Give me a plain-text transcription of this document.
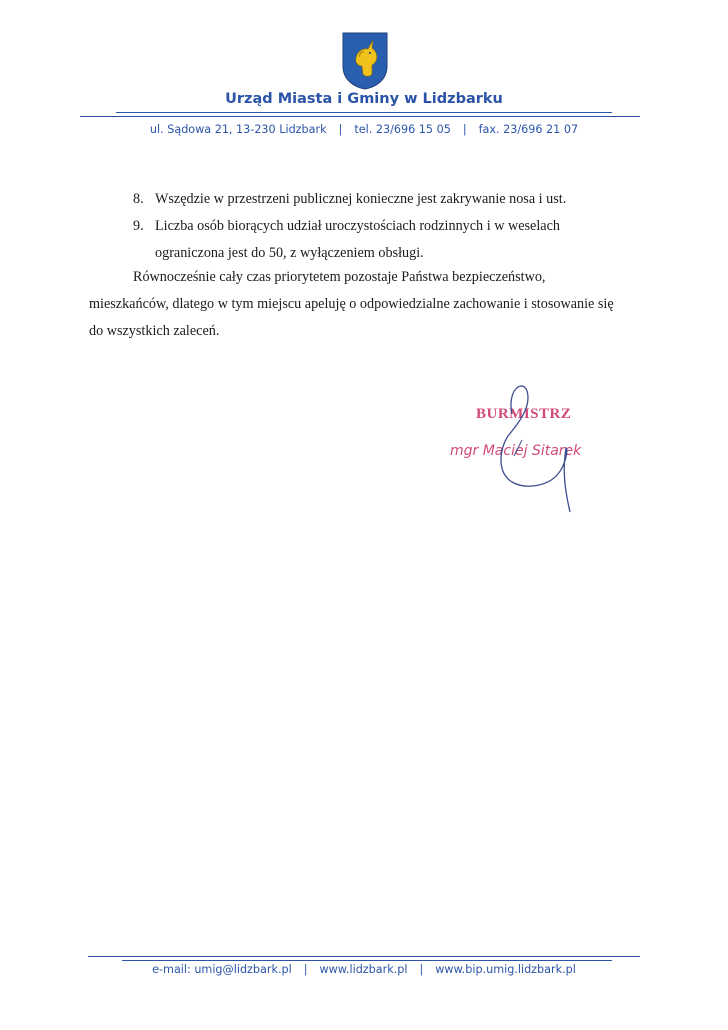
Urząd Miasta i Gminy w Lidzbarku
ul. Sądowa 21, 13-230 Lidzbark | tel. 23/696 15 05 | fax. 23/696 21 07
8. Wszędzie w przestrzeni publicznej konieczne jest zakrywanie nosa i ust.
9. Liczba osób biorących udział uroczystościach rodzinnych i w weselach
ograniczona jest do 50, z wyłączeniem obsługi.
Równocześnie cały czas priorytetem pozostaje Państwa bezpieczeństwo,
mieszkańców, dlatego w tym miejscu apeluję o odpowiedzialne zachowanie i stosowanie się
do wszystkich zaleceń.
BURMISTRZ
mgr Maciej Sitarek
e-mail: umig@lidzbark.pl | www.lidzbark.pl | www.bip.umig.lidzbark.pl
